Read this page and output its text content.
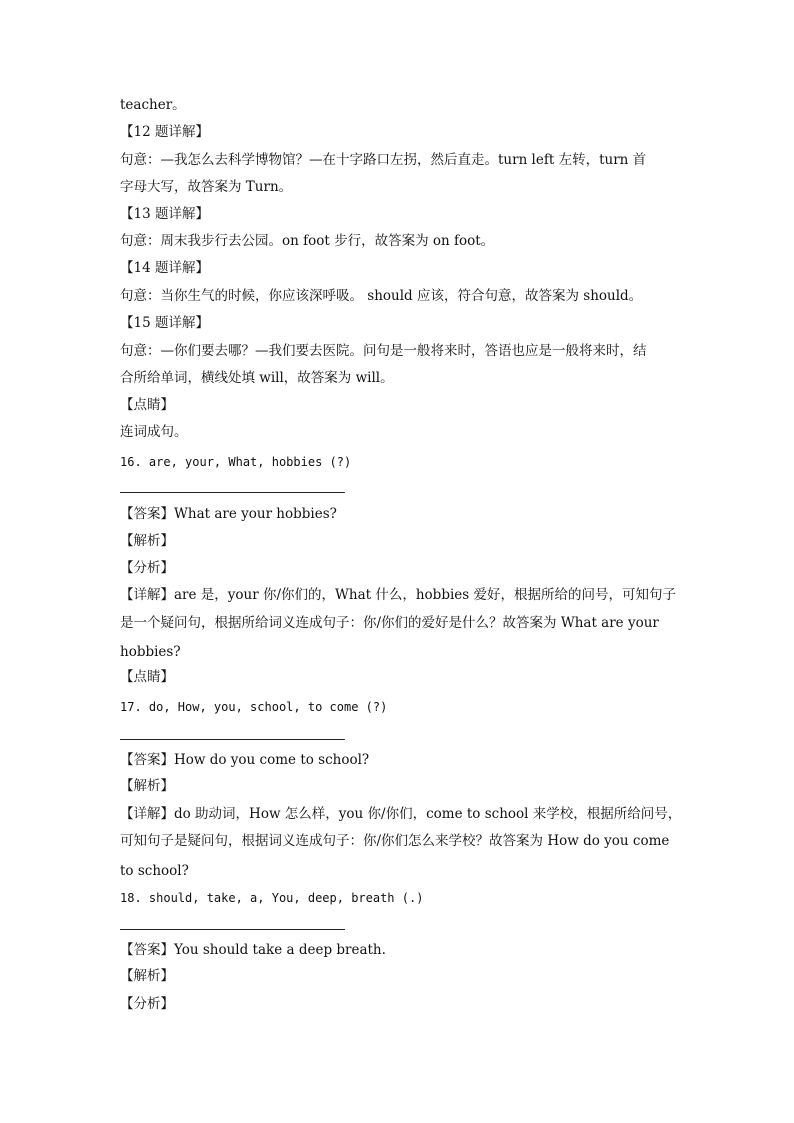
teacher。
【12 题详解】
句意：—我怎么去科学博物馆？—在十字路口左拐，然后直走。turn left 左转，turn 首
字母大写，故答案为 Turn。
【13 题详解】
句意：周末我步行去公园。on foot 步行，故答案为 on foot。
【14 题详解】
句意：当你生气的时候，你应该深呼吸。 should 应该，符合句意，故答案为 should。
【15 题详解】
句意：—你们要去哪？—我们要去医院。问句是一般将来时，答语也应是一般将来时，结
合所给单词，横线处填 will，故答案为 will。
【点睛】
连词成句。
16. are, your, What, hobbies (?)
【答案】What are your hobbies?
【解析】
【分析】
【详解】are 是，your 你/你们的，What 什么，hobbies 爱好，根据所给的问号，可知句子
是一个疑问句，根据所给词义连成句子：你/你们的爱好是什么？故答案为 What are your
hobbies?
【点睛】
17. do, How, you, school, to come (?)
【答案】How do you come to school?
【解析】
【详解】do 助动词，How 怎么样，you 你/你们，come to school 来学校，根据所给问号，
可知句子是疑问句，根据词义连成句子：你/你们怎么来学校？故答案为 How do you come
to school?
18. should, take, a, You, deep, breath (.)
【答案】You should take a deep breath.
【解析】
【分析】
